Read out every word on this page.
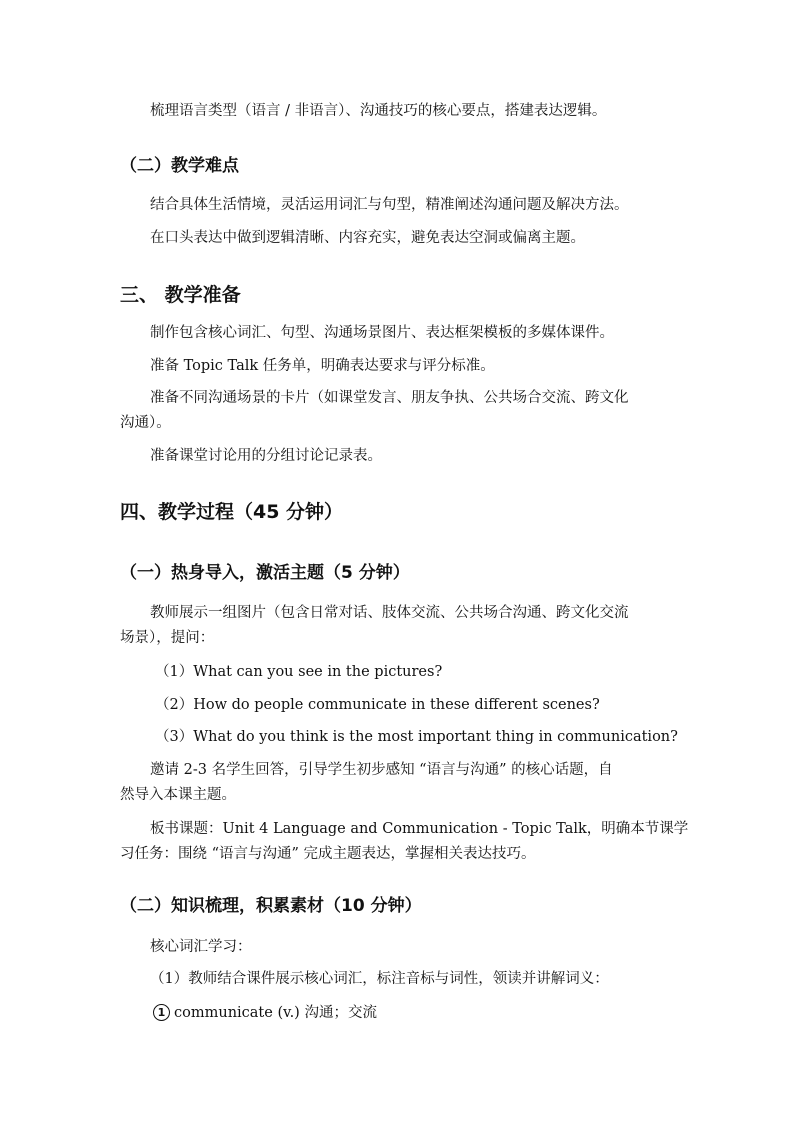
梳理语言类型（语言 / 非语言）、沟通技巧的核心要点，搭建表达逻辑。
（二）教学难点
结合具体生活情境，灵活运用词汇与句型，精准阐述沟通问题及解决方法。
在口头表达中做到逻辑清晰、内容充实，避免表达空洞或偏离主题。
三、 教学准备
制作包含核心词汇、句型、沟通场景图片、表达框架模板的多媒体课件。
准备 Topic Talk 任务单，明确表达要求与评分标准。
准备不同沟通场景的卡片（如课堂发言、朋友争执、公共场合交流、跨文化
沟通）。
准备课堂讨论用的分组讨论记录表。
四、教学过程（45 分钟）
（一）热身导入，激活主题（5 分钟）
教师展示一组图片（包含日常对话、肢体交流、公共场合沟通、跨文化交流
场景），提问：
（1）What can you see in the pictures?
（2）How do people communicate in these different scenes?
（3）What do you think is the most important thing in communication?
邀请 2-3 名学生回答，引导学生初步感知 “语言与沟通” 的核心话题，自
然导入本课主题。
板书课题：Unit 4 Language and Communication - Topic Talk，明确本节课学
习任务：围绕 “语言与沟通” 完成主题表达，掌握相关表达技巧。
（二）知识梳理，积累素材（10 分钟）
核心词汇学习：
（1）教师结合课件展示核心词汇，标注音标与词性，领读并讲解词义：
1 communicate (v.) 沟通；交流
